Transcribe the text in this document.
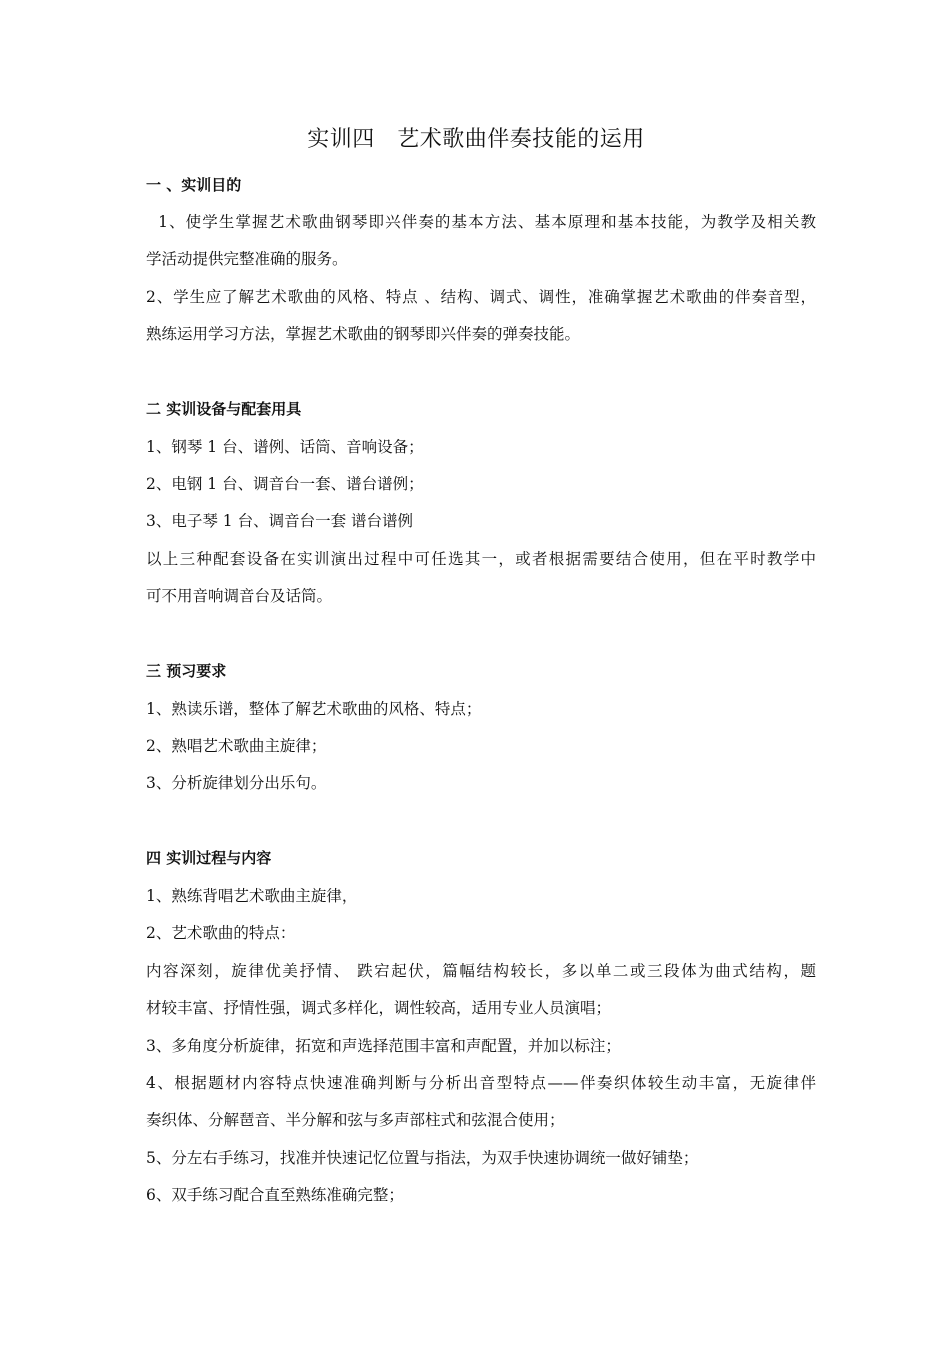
实训四　艺术歌曲伴奏技能的运用
一 、实训目的
1、使学生掌握艺术歌曲钢琴即兴伴奏的基本方法、基本原理和基本技能，为教学及相关教
学活动提供完整准确的服务。
2、学生应了解艺术歌曲的风格、特点 、结构、调式、调性，准确掌握艺术歌曲的伴奏音型，
熟练运用学习方法，掌握艺术歌曲的钢琴即兴伴奏的弹奏技能。
二 实训设备与配套用具
1、钢琴 1 台、谱例、话筒、音响设备；
2、电钢 1 台、调音台一套、谱台谱例；
3、电子琴 1 台、调音台一套 谱台谱例
以上三种配套设备在实训演出过程中可任选其一，或者根据需要结合使用，但在平时教学中
可不用音响调音台及话筒。
三 预习要求
1、熟读乐谱，整体了解艺术歌曲的风格、特点；
2、熟唱艺术歌曲主旋律；
3、分析旋律划分出乐句。
四 实训过程与内容
1、熟练背唱艺术歌曲主旋律，
2、艺术歌曲的特点：
内容深刻，旋律优美抒情、 跌宕起伏，篇幅结构较长，多以单二或三段体为曲式结构，题
材较丰富、抒情性强，调式多样化，调性较高，适用专业人员演唱；
3、多角度分析旋律，拓宽和声选择范围丰富和声配置，并加以标注；
4、根据题材内容特点快速准确判断与分析出音型特点——伴奏织体较生动丰富，无旋律伴
奏织体、分解琶音、半分解和弦与多声部柱式和弦混合使用；
5、分左右手练习，找准并快速记忆位置与指法，为双手快速协调统一做好铺垫；
6、双手练习配合直至熟练准确完整；
